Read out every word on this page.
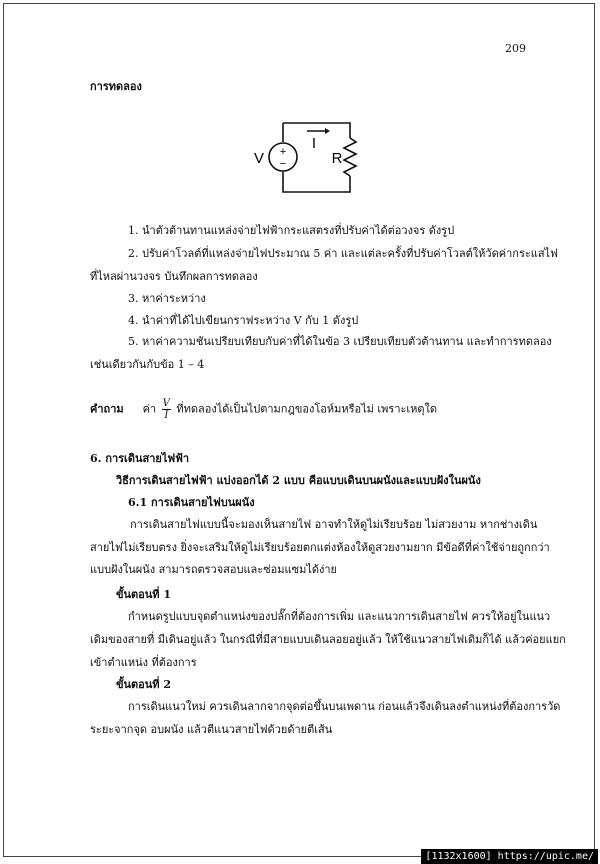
209
การทดลอง
+
−
V
I
R
1. นำตัวต้านทานแหล่งจ่ายไฟฟ้ากระแสตรงที่ปรับค่าได้ต่อวงจร ดังรูป
2. ปรับค่าโวลต์ที่แหล่งจ่ายไฟประมาณ 5 ค่า และแต่ละครั้งที่ปรับค่าโวลต์ให้วัดค่ากระแสไฟ
ที่ไหลผ่านวงจร บันทึกผลการทดลอง
3. หาค่าระหว่าง
4. นำค่าที่ได้ไปเขียนกราฟระหว่าง V กับ 1 ดังรูป
5. หาค่าความชันเปรียบเทียบกับค่าที่ได้ในข้อ 3 เปรียบเทียบตัวต้านทาน และทำการทดลอง
เช่นเดียวกันกับข้อ 1 – 4
คำถาม ค่า $\frac{V}{I}$ ที่ทดลองได้เป็นไปตามกฎของโอห์มหรือไม่ เพราะเหตุใด
6. การเดินสายไฟฟ้า
วิธีการเดินสายไฟฟ้า แบ่งออกได้ 2 แบบ คือแบบเดินบนผนังและแบบฝังในผนัง
6.1 การเดินสายไฟบนผนัง
การเดินสายไฟแบบนี้จะมองเห็นสายไฟ อาจทำให้ดูไม่เรียบร้อย ไม่สวยงาม หากช่างเดิน
สายไฟไม่เรียบตรง ยิ่งจะเสริมให้ดูไม่เรียบร้อยตกแต่งห้องให้ดูสวยงามยาก มีข้อดีที่ค่าใช้จ่ายถูกกว่า
แบบฝังในผนัง สามารถตรวจสอบและซ่อมแซมได้ง่าย
ขั้นตอนที่ 1
กำหนดรูปแบบจุดตำแหน่งของปลั๊กที่ต้องการเพิ่ม และแนวการเดินสายไฟ ควรให้อยู่ในแนว
เดิมของสายที่ มีเดินอยู่แล้ว ในกรณีที่มีสายแบบเดินลอยอยู่แล้ว ให้ใช้แนวสายไฟเดิมก็ได้ แล้วค่อยแยก
เข้าตำแหน่ง ที่ต้องการ
ขั้นตอนที่ 2
การเดินแนวใหม่ ควรเดินลากจากจุดต่อขึ้นบนเพดาน ก่อนแล้วจึงเดินลงตำแหน่งที่ต้องการวัด
ระยะจากจุด อบผนัง แล้วตีแนวสายไฟด้วยด้ายตีเส้น
[1132x1600] https://upic.me/
